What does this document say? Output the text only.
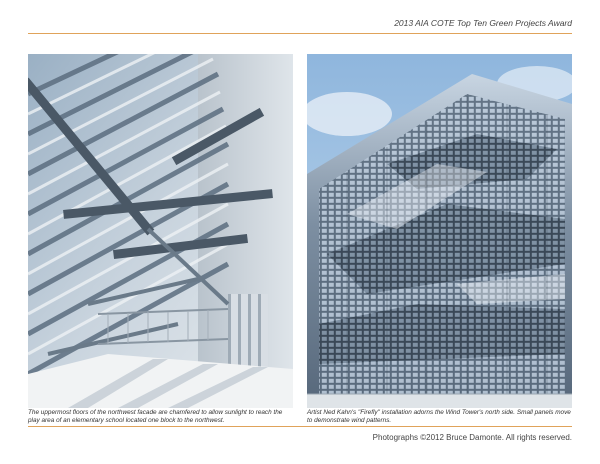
2013 AIA COTE Top Ten Green Projects Award
The uppermost floors of the northwest facade are chamfered to allow sunlight to reach the play area of an elementary school located one block to the northwest.
Artist Ned Kahn's "Firefly" installation adorns the Wind Tower's north side. Small panels move to demonstrate wind patterns.
Photographs ©2012 Bruce Damonte. All rights reserved.
